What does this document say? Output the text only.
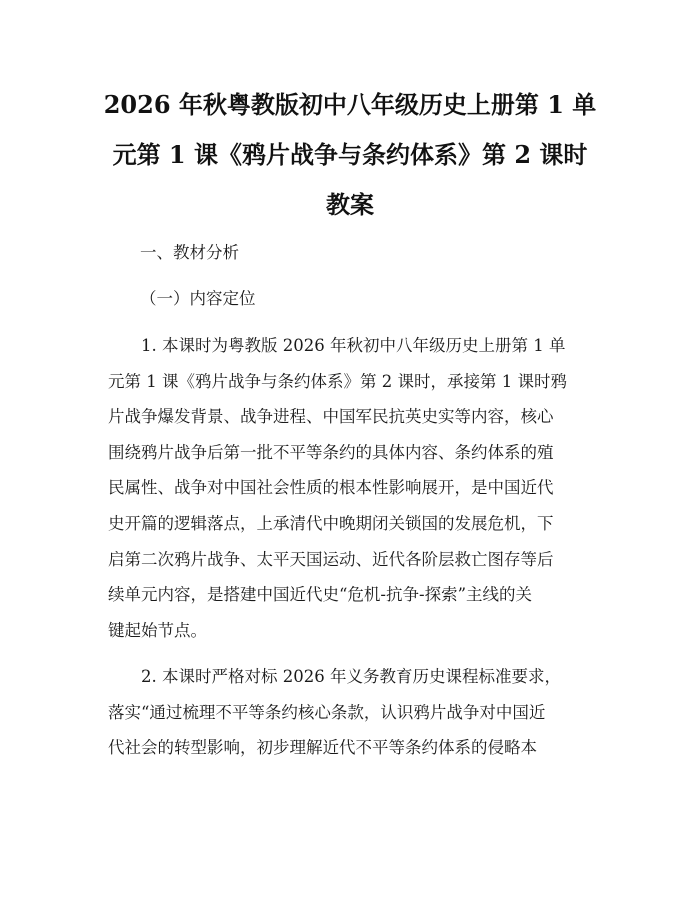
2026 年秋粤教版初中八年级历史上册第 1 单
元第 1 课《鸦片战争与条约体系》第 2 课时
教案

一、教材分析

（一）内容定位

1. 本课时为粤教版 2026 年秋初中八年级历史上册第 1 单
元第 1 课《鸦片战争与条约体系》第 2 课时，承接第 1 课时鸦
片战争爆发背景、战争进程、中国军民抗英史实等内容，核心
围绕鸦片战争后第一批不平等条约的具体内容、条约体系的殖
民属性、战争对中国社会性质的根本性影响展开，是中国近代
史开篇的逻辑落点，上承清代中晚期闭关锁国的发展危机，下
启第二次鸦片战争、太平天国运动、近代各阶层救亡图存等后
续单元内容，是搭建中国近代史“危机-抗争-探索”主线的关
键起始节点。

2. 本课时严格对标 2026 年义务教育历史课程标准要求，
落实“通过梳理不平等条约核心条款，认识鸦片战争对中国近
代社会的转型影响，初步理解近代不平等条约体系的侵略本
